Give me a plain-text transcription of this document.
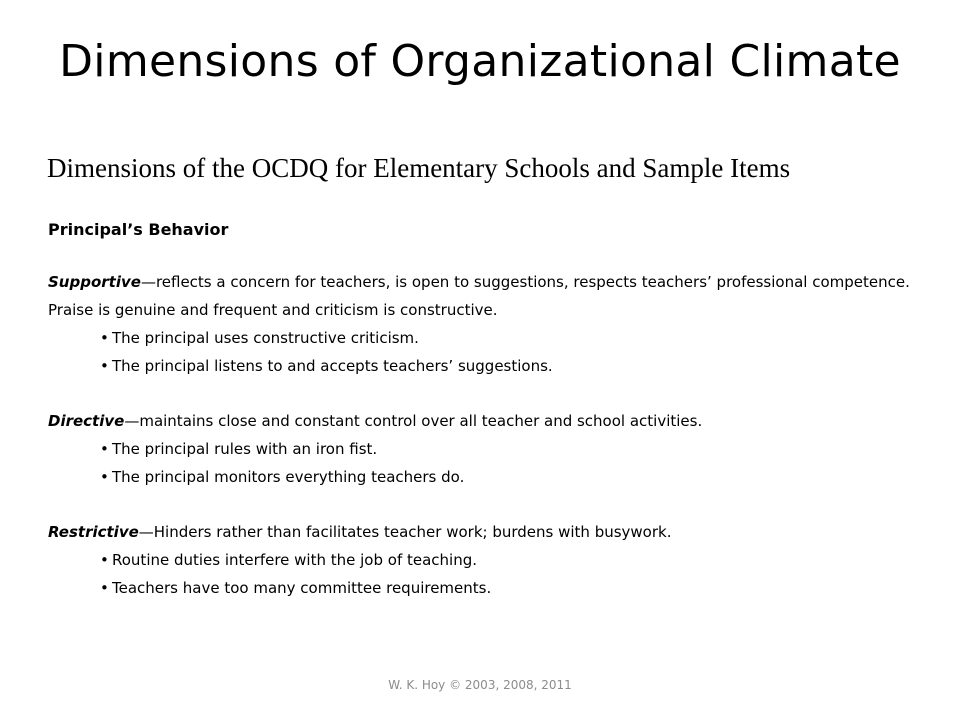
Dimensions of Organizational Climate
Dimensions of the OCDQ for Elementary Schools and Sample Items
Principal’s Behavior
Supportive—reflects a concern for teachers, is open to suggestions, respects teachers’ professional competence. Praise is genuine and frequent and criticism is constructive.
• The principal uses constructive criticism.
• The principal listens to and accepts teachers’ suggestions.
Directive—maintains close and constant control over all teacher and school activities.
• The principal rules with an iron fist.
• The principal monitors everything teachers do.
Restrictive—Hinders rather than facilitates teacher work; burdens with busywork.
• Routine duties interfere with the job of teaching.
• Teachers have too many committee requirements.
W. K. Hoy © 2003, 2008, 2011
